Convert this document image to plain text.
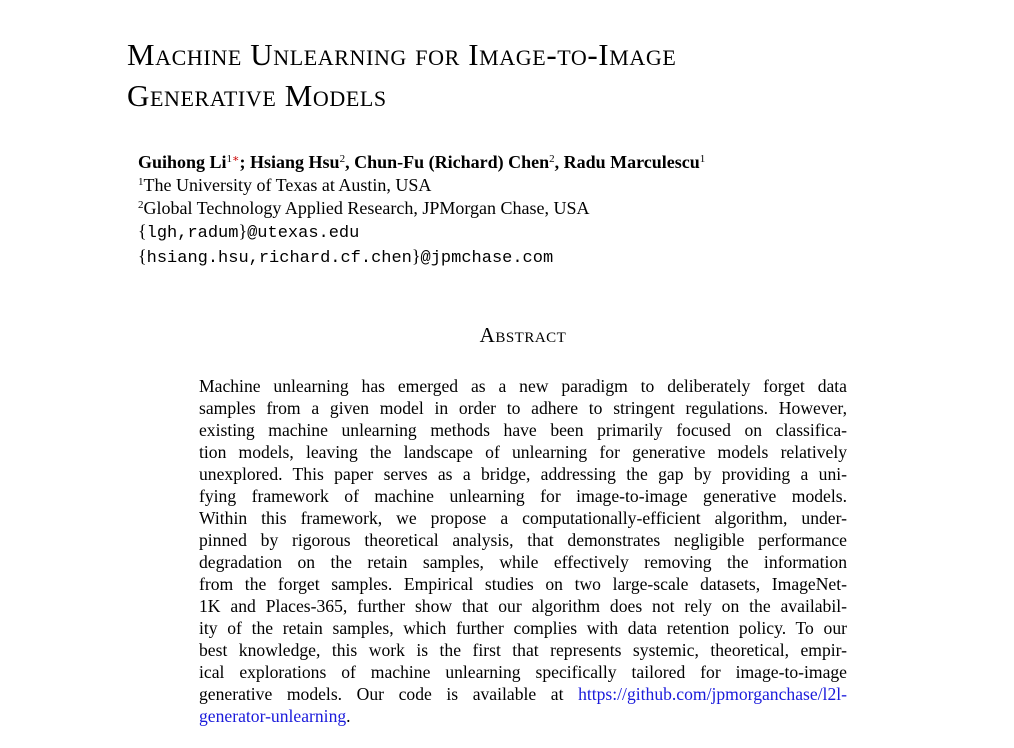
Machine Unlearning for Image-to-Image
Generative Models
Guihong $Li^{1∗}$; Hsiang Hsu$^2$, Chun-Fu (Richard) Chen$^2$, Radu Marculescu$^1$
$^1$The University of Texas at Austin, USA
$^2$Global Technology Applied Research, JPMorgan Chase, USA
{lgh,radum}@utexas.edu
{hsiang.hsu,richard.cf.chen}@jpmchase.com
Abstract
Machine unlearning has emerged as a new paradigm to deliberately forget data
samples from a given model in order to adhere to stringent regulations. However,
existing machine unlearning methods have been primarily focused on classifica-
tion models, leaving the landscape of unlearning for generative models relatively
unexplored. This paper serves as a bridge, addressing the gap by providing a uni-
fying framework of machine unlearning for image-to-image generative models.
Within this framework, we propose a computationally-efficient algorithm, under-
pinned by rigorous theoretical analysis, that demonstrates negligible performance
degradation on the retain samples, while effectively removing the information
from the forget samples. Empirical studies on two large-scale datasets, ImageNet-
1K and Places-365, further show that our algorithm does not rely on the availabil-
ity of the retain samples, which further complies with data retention policy. To our
best knowledge, this work is the first that represents systemic, theoretical, empir-
ical explorations of machine unlearning specifically tailored for image-to-image
generative models. Our code is available at https://github.com/jpmorganchase/l2l-
generator-unlearning.
